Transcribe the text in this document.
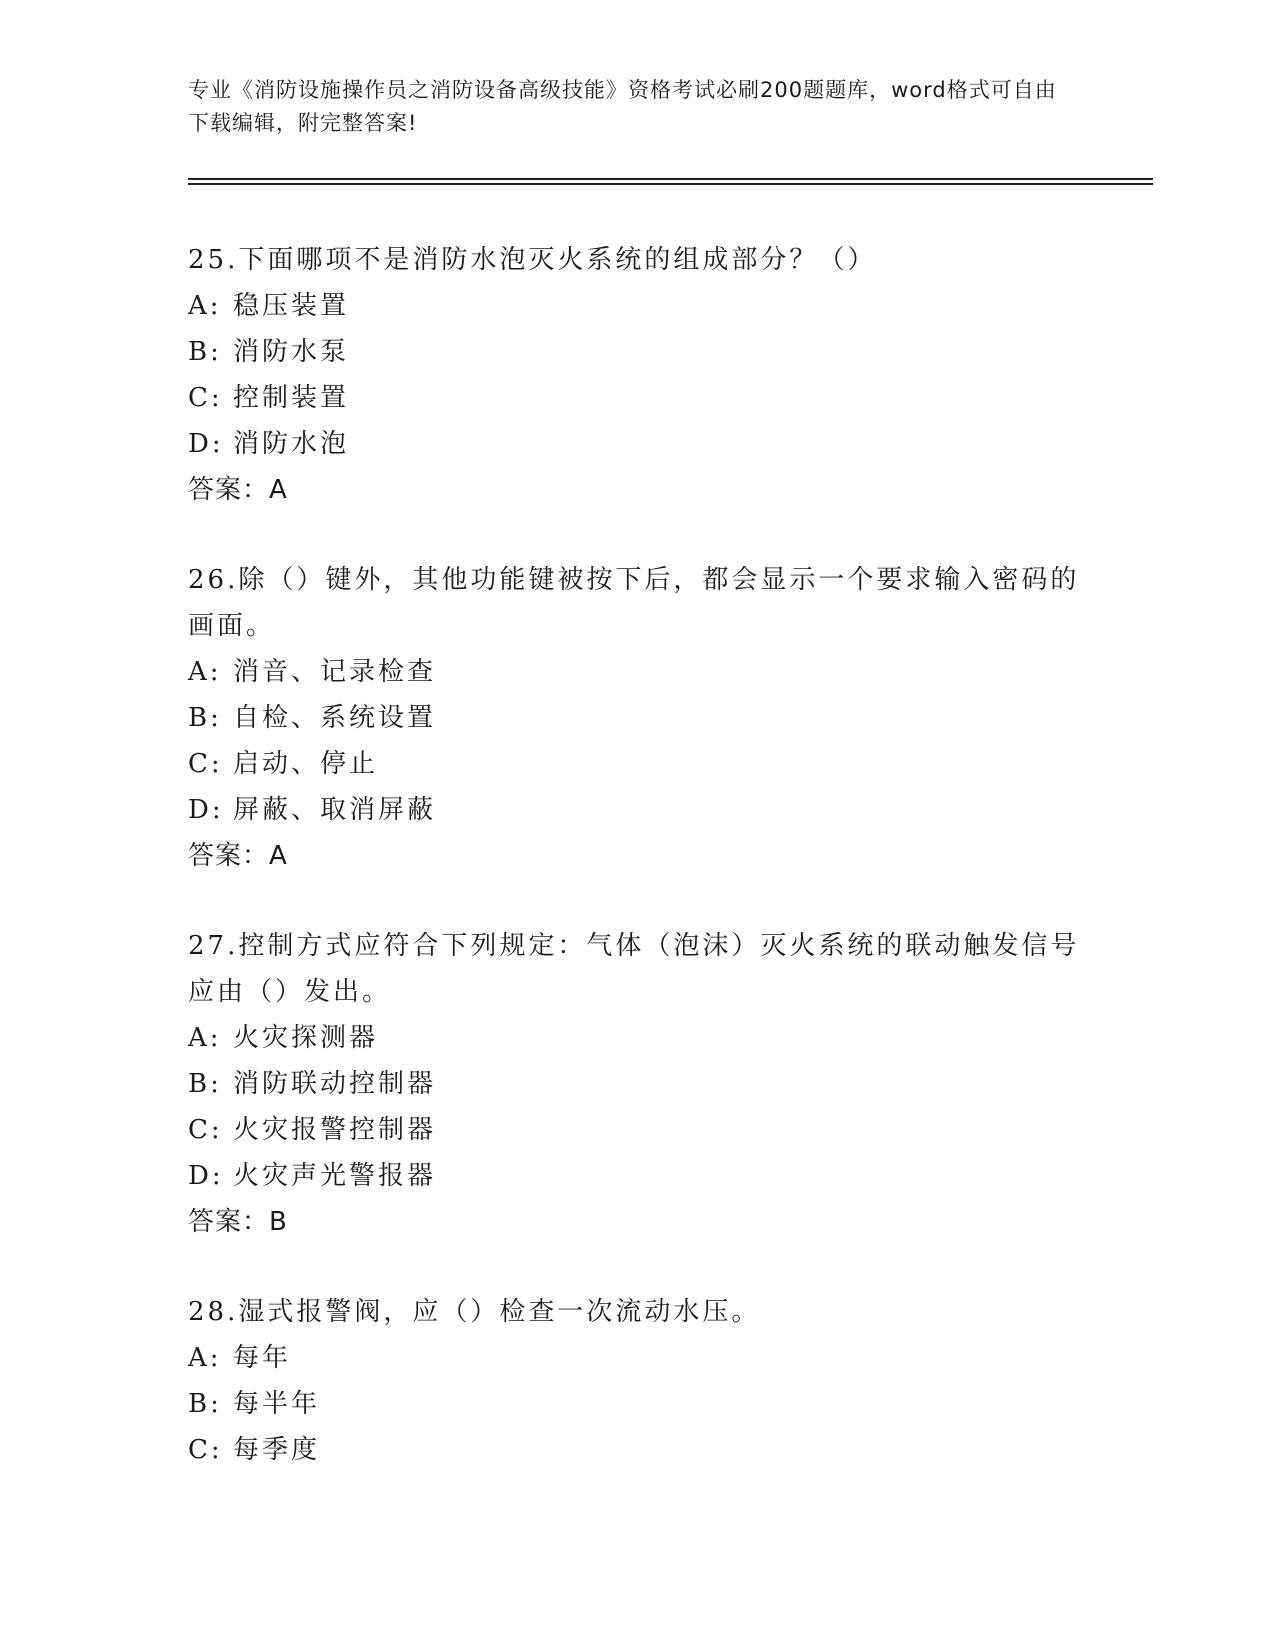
专业《消防设施操作员之消防设备高级技能》资格考试必刷200题题库，word格式可自由下载编辑，附完整答案!

25.下面哪项不是消防水泡灭火系统的组成部分？（）

A: 稳压装置
B: 消防水泵
C: 控制装置
D: 消防水泡
答案：A

26.除（）键外，其他功能键被按下后，都会显示一个要求输入密码的画面。

A: 消音、记录检查
B: 自检、系统设置
C: 启动、停止
D: 屏蔽、取消屏蔽
答案：A

27.控制方式应符合下列规定：气体（泡沫）灭火系统的联动触发信号应由（）发出。

A: 火灾探测器
B: 消防联动控制器
C: 火灾报警控制器
D: 火灾声光警报器
答案：B

28.湿式报警阀，应（）检查一次流动水压。

A: 每年
B: 每半年
C: 每季度
